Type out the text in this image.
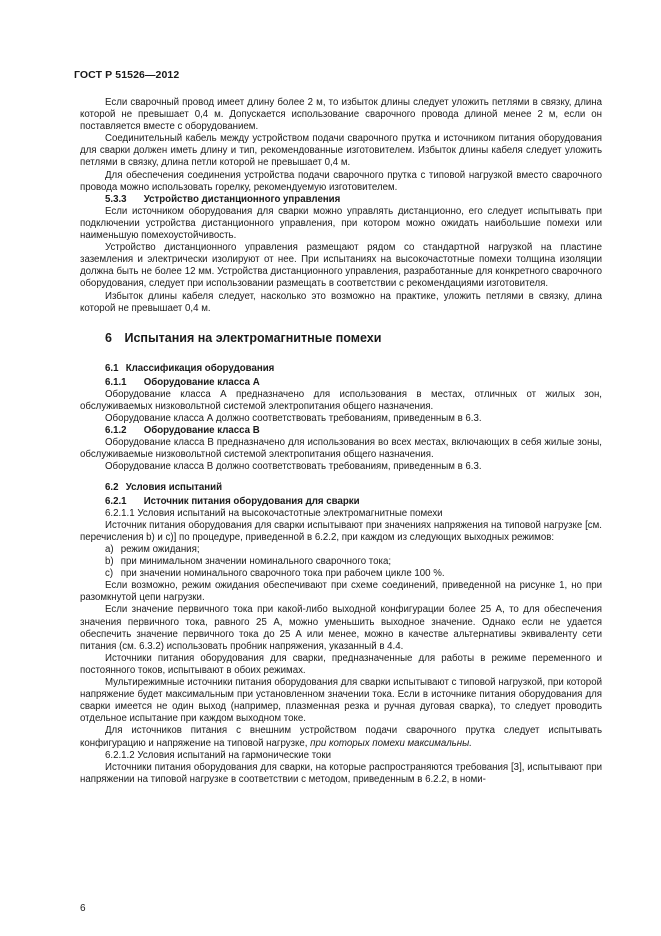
ГОСТ Р 51526—2012

Если сварочный провод имеет длину более 2 м, то избыток длины следует уложить петлями в связку, длина которой не превышает 0,4 м. Допускается использование сварочного провода длиной менее 2 м, если он поставляется вместе с оборудованием.

Соединительный кабель между устройством подачи сварочного прутка и источником питания оборудования для сварки должен иметь длину и тип, рекомендованные изготовителем. Избыток длины кабеля следует уложить петлями в связку, длина петли которой не превышает 0,4 м.

Для обеспечения соединения устройства подачи сварочного прутка с типовой нагрузкой вместо сварочного провода можно использовать горелку, рекомендуемую изготовителем.

5.3.3 Устройство дистанционного управления

Если источником оборудования для сварки можно управлять дистанционно, его следует испытывать при подключении устройства дистанционного управления, при котором можно ожидать наибольшие помехи или наименьшую помехоустойчивость.

Устройство дистанционного управления размещают рядом со стандартной нагрузкой на пластине заземления и электрически изолируют от нее. При испытаниях на высокочастотные помехи толщина изоляции должна быть не более 12 мм. Устройства дистанционного управления, разработанные для конкретного сварочного оборудования, следует при использовании размещать в соответствии с рекомендациями изготовителя.

Избыток длины кабеля следует, насколько это возможно на практике, уложить петлями в связку, длина которой не превышает 0,4 м.

6 Испытания на электромагнитные помехи
6.1 Классификация оборудования
6.1.1 Оборудование класса А

Оборудование класса А предназначено для использования в местах, отличных от жилых зон, обслуживаемых низковольтной системой электропитания общего назначения.

Оборудование класса А должно соответствовать требованиям, приведенным в 6.3.

6.1.2 Оборудование класса В

Оборудование класса В предназначено для использования во всех местах, включающих в себя жилые зоны, обслуживаемые низковольтной системой электропитания общего назначения.

Оборудование класса В должно соответствовать требованиям, приведенным в 6.3.

6.2 Условия испытаний
6.2.1 Источник питания оборудования для сварки
6.2.1.1 Условия испытаний на высокочастотные электромагнитные помехи

Источник питания оборудования для сварки испытывают при значениях напряжения на типовой нагрузке [см. перечисления b) и c)] по процедуре, приведенной в 6.2.2, при каждом из следующих выходных режимов:

a) режим ожидания;
b) при минимальном значении номинального сварочного тока;
c) при значении номинального сварочного тока при рабочем цикле 100 %.

Если возможно, режим ожидания обеспечивают при схеме соединений, приведенной на рисунке 1, но при разомкнутой цепи нагрузки.

Если значение первичного тока при какой-либо выходной конфигурации более 25 А, то для обеспечения значения первичного тока, равного 25 А, можно уменьшить выходное значение. Однако если не удается обеспечить значение первичного тока до 25 А или менее, можно в качестве альтернативы эквиваленту сети питания (см. 6.3.2) использовать пробник напряжения, указанный в 4.4.

Источники питания оборудования для сварки, предназначенные для работы в режиме переменного и постоянного токов, испытывают в обоих режимах.

Мультирежимные источники питания оборудования для сварки испытывают с типовой нагрузкой, при которой напряжение будет максимальным при установленном значении тока. Если в источнике питания оборудования для сварки имеется не один выход (например, плазменная резка и ручная дуговая сварка), то следует проводить отдельное испытание при каждом выходном токе.

Для источников питания с внешним устройством подачи сварочного прутка следует испытывать конфигурацию и напряжение на типовой нагрузке, при которых помехи максимальны.

6.2.1.2 Условия испытаний на гармонические токи

Источники питания оборудования для сварки, на которые распространяются требования [3], испытывают при напряжении на типовой нагрузке в соответствии с методом, приведенным в 6.2.2, в номи-

6
